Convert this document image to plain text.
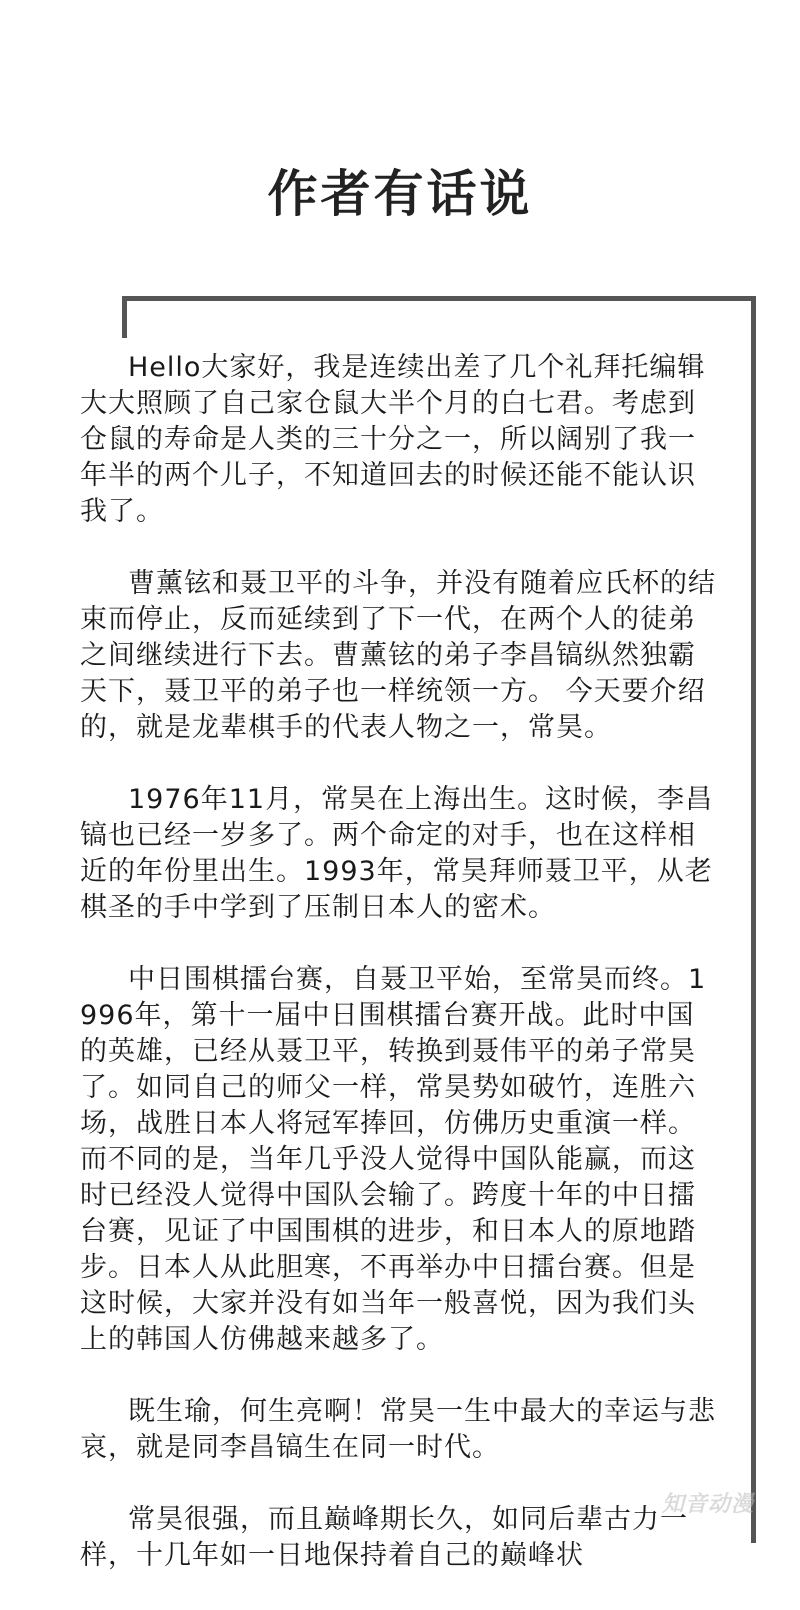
作者有话说

Hello大家好，我是连续出差了几个礼拜托编辑大大照顾了自己家仓鼠大半个月的白七君。考虑到仓鼠的寿命是人类的三十分之一，所以阔别了我一年半的两个儿子，不知道回去的时候还能不能认识我了。

曹薰铉和聂卫平的斗争，并没有随着应氏杯的结束而停止，反而延续到了下一代，在两个人的徒弟之间继续进行下去。曹薰铉的弟子李昌镐纵然独霸天下，聂卫平的弟子也一样统领一方。 今天要介绍的，就是龙辈棋手的代表人物之一，常昊。

1976年11月，常昊在上海出生。这时候，李昌镐也已经一岁多了。两个命定的对手，也在这样相近的年份里出生。1993年，常昊拜师聂卫平，从老棋圣的手中学到了压制日本人的密术。

中日围棋擂台赛，自聂卫平始，至常昊而终。1996年，第十一届中日围棋擂台赛开战。此时中国的英雄，已经从聂卫平，转换到聂伟平的弟子常昊了。如同自己的师父一样，常昊势如破竹，连胜六场，战胜日本人将冠军捧回，仿佛历史重演一样。而不同的是，当年几乎没人觉得中国队能赢，而这时已经没人觉得中国队会输了。跨度十年的中日擂台赛，见证了中国围棋的进步，和日本人的原地踏步。日本人从此胆寒，不再举办中日擂台赛。但是这时候，大家并没有如当年一般喜悦，因为我们头上的韩国人仿佛越来越多了。

既生瑜，何生亮啊！常昊一生中最大的幸运与悲哀，就是同李昌镐生在同一时代。

常昊很强，而且巅峰期长久，如同后辈古力一样，十几年如一日地保持着自己的巅峰状

知音动漫
